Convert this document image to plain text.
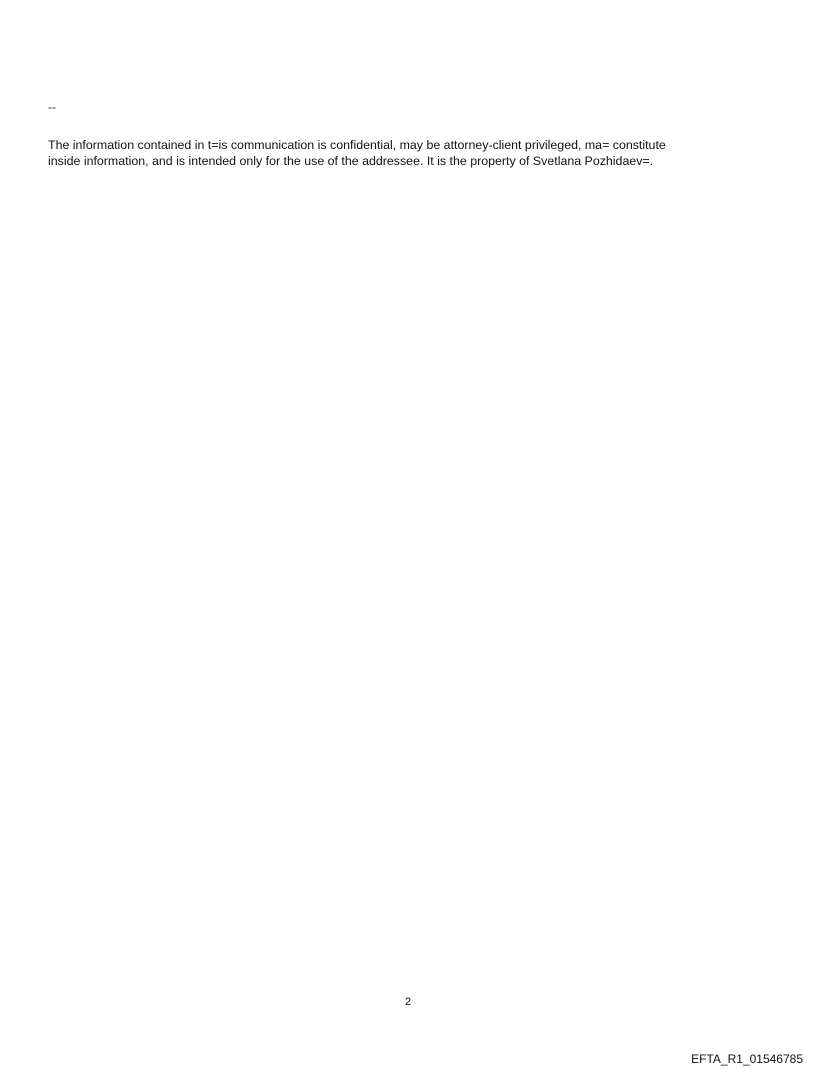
--

The information contained in t=is communication is confidential, may be attorney-client privileged, ma= constitute
inside information, and is intended only for the use of the addressee. It is the property of Svetlana Pozhidaev=.

2
EFTA_R1_01546785
